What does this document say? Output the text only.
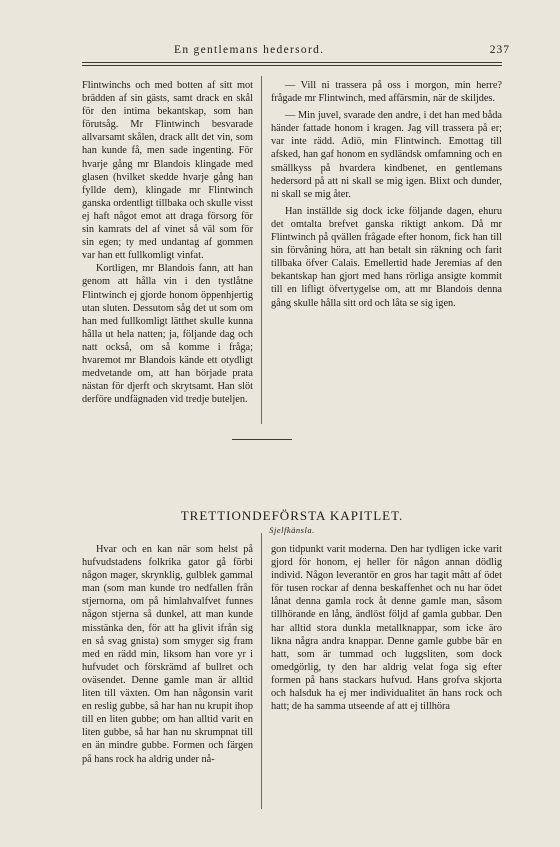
En gentlemans hedersord.	237

Flintwinchs och med botten af sitt mot brädden af sin gästs, samt drack en skål för den intima bekantskap, som han förutsåg. Mr Flintwinch besvarade allvarsamt skålen, drack allt det vin, som han kunde få, men sade ingenting. För hvarje gång mr Blandois klingade med glasen (hvilket skedde hvarje gång han fyllde dem), klingade mr Flintwinch ganska ordentligt tillbaka och skulle visst ej haft något emot att draga försorg för sin kamrats del af vinet så väl som för sin egen; ty med undantag af gommen var han ett fullkomligt vinfat.

Kortligen, mr Blandois fann, att han genom att hålla vin i den tystlåtne Flintwinch ej gjorde honom öppenhjertig utan sluten. Dessutom såg det ut som om han med fullkomligt lätthet skulle kunna hålla ut hela natten; ja, följande dag och natt också, om så komme i fråga; hvaremot mr Blandois kände ett otydligt medvetande om, att han började prata nästan för djerft och skrytsamt. Han slöt derföre undfägnaden vid tredje buteljen.

— Vill ni trassera på oss i morgon, min herre? frågade mr Flintwinch, med affärsmin, när de skiljdes.

— Min juvel, svarade den andre, i det han med båda händer fattade honom i kragen. Jag vill trassera på er; var inte rädd. Adiö, min Flintwinch. Emottag till afsked, han gaf honom en sydländsk omfamning och en smällkyss på hvardera kindbenet, en gentlemans hedersord på att ni skall se mig igen. Blixt och dunder, ni skall se mig åter.

Han inställde sig dock icke följande dagen, ehuru det omtalta brefvet ganska riktigt ankom. Då mr Flintwinch på qvällen frågade efter honom, fick han till sin förvåning höra, att han betalt sin räkning och farit tillbaka öfver Calais. Emellertid hade Jeremias af den bekantskap han gjort med hans rörliga ansigte kommit till en lifligt öfvertygelse om, att mr Blandois denna gång skulle hålla sitt ord och låta se sig igen.

TRETTIONDEFÖRSTA KAPITLET.
Sjelfkänsla.

Hvar och en kan när som helst på hufvudstadens folkrika gator gå förbi någon mager, skrynklig, gulblek gammal man (som man kunde tro nedfallen från stjernorna, om på himlahvalfvet funnes någon stjerna så dunkel, att man kunde misstänka den, för att ha glivit ifrån sig en så svag gnista) som smyger sig fram med en rädd min, liksom han vore yr i hufvudet och förskrämd af bullret och oväsendet. Denne gamle man är alltid liten till växten. Om han någonsin varit en reslig gubbe, så har han nu krupit ihop till en liten gubbe; om han alltid varit en liten gubbe, så har han nu skrumpnat till en än mindre gubbe. Formen och färgen på hans rock ha aldrig under nå-

gon tidpunkt varit moderna. Den har tydligen icke varit gjord för honom, ej heller för någon annan dödlig individ. Någon leverantör en gros har tagit mått af ödet för tusen rockar af denna beskaffenhet och nu har ödet lånat denna gamla rock åt denne gamle man, såsom tillhörande en lång, ändlöst följd af gamla gubbar. Den har alltid stora dunkla metallknappar, som icke äro likna några andra knappar. Denne gamle gubbe bär en hatt, som är tummad och luggsliten, som dock omedgörlig, ty den har aldrig velat foga sig efter formen på hans stackars hufvud. Hans grofva skjorta och halsduk ha ej mer individualitet än hans rock och hatt; de ha samma utseende af att ej tillhöra
